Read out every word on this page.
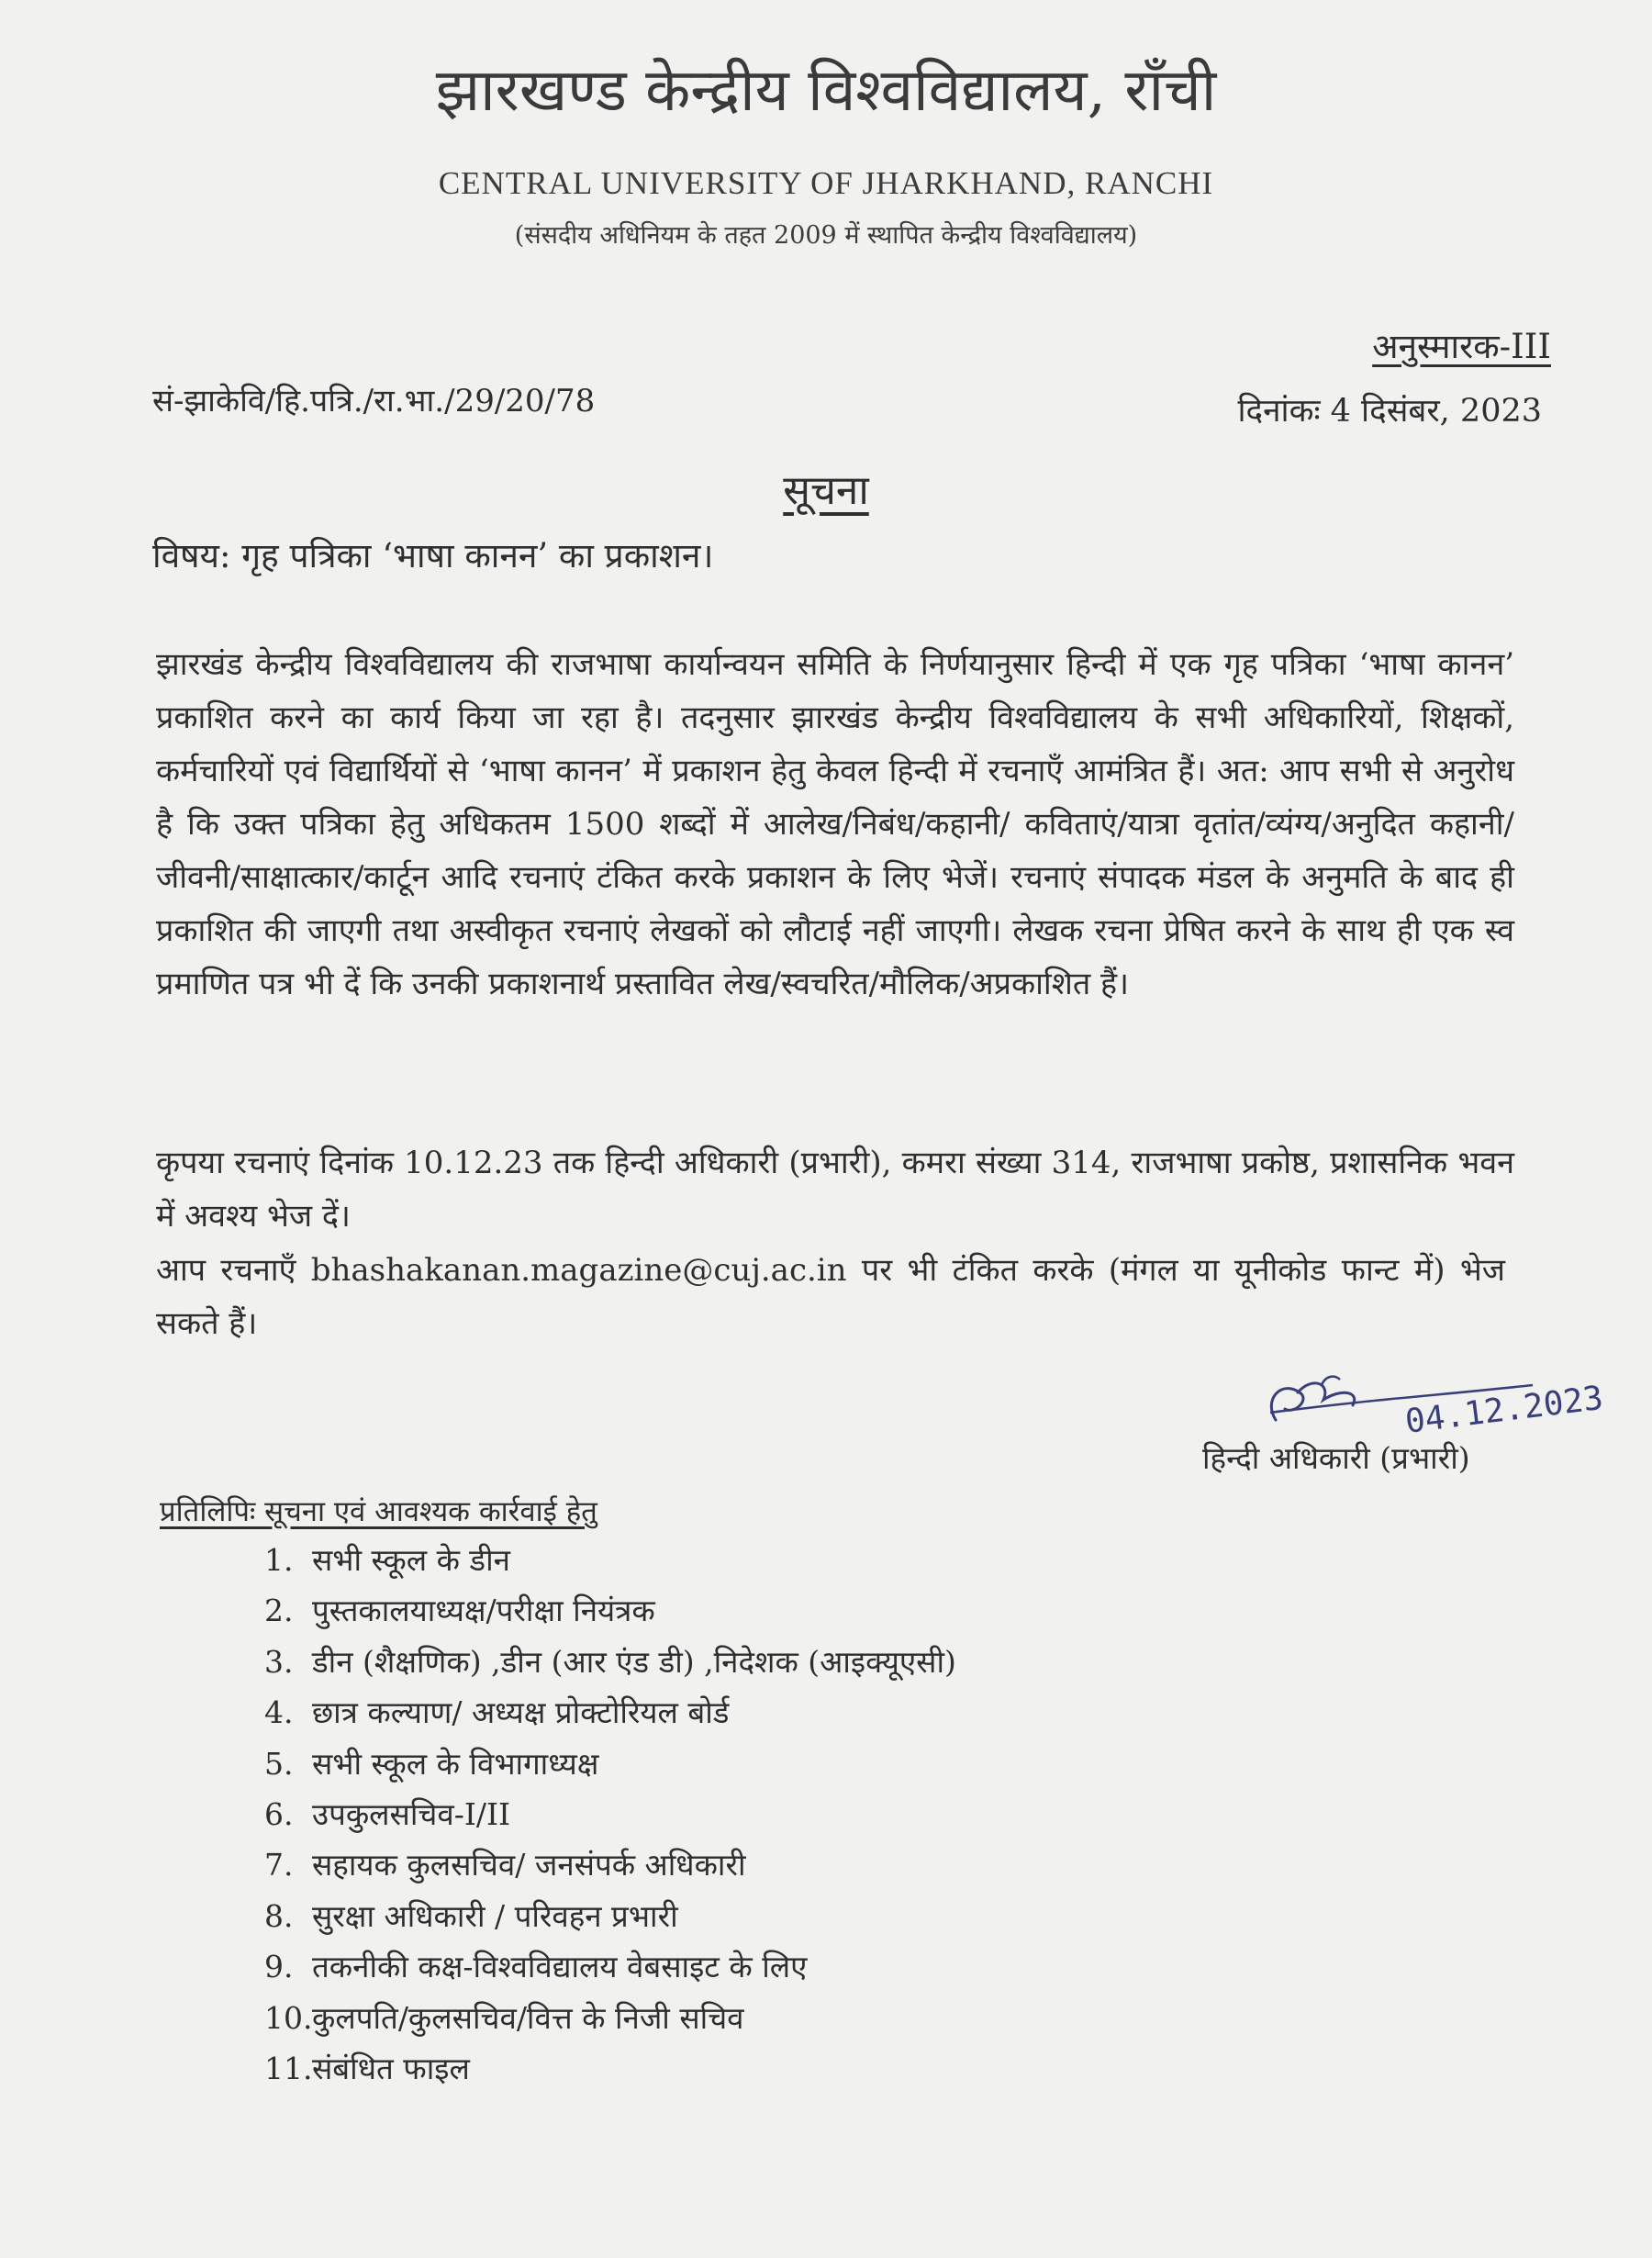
झारखण्ड केन्द्रीय विश्वविद्यालय, राँची
CENTRAL UNIVERSITY OF JHARKHAND, RANCHI
(संसदीय अधिनियम के तहत 2009 में स्थापित केन्द्रीय विश्वविद्यालय)
अनुस्मारक-III
सं-झाकेवि/हि.पत्रि./रा.भा./29/20/78	दिनांकः 4 दिसंबर, 2023
सूचना
विषय: गृह पत्रिका ‘भाषा कानन’ का प्रकाशन।
झारखंड केन्द्रीय विश्वविद्यालय की राजभाषा कार्यान्वयन समिति के निर्णयानुसार हिन्दी में एक गृह पत्रिका ‘भाषा कानन’ प्रकाशित करने का कार्य किया जा रहा है। तदनुसार झारखंड केन्द्रीय विश्वविद्यालय के सभी अधिकारियों, शिक्षकों, कर्मचारियों एवं विद्यार्थियों से ‘भाषा कानन’ में प्रकाशन हेतु केवल हिन्दी में रचनाएँ आमंत्रित हैं। अत: आप सभी से अनुरोध है कि उक्त पत्रिका हेतु अधिकतम 1500 शब्दों में आलेख/निबंध/कहानी/ कविताएं/यात्रा वृतांत/व्यंग्य/अनुदित कहानी/जीवनी/साक्षात्कार/कार्टून आदि रचनाएं टंकित करके प्रकाशन के लिए भेजें। रचनाएं संपादक मंडल के अनुमति के बाद ही प्रकाशित की जाएगी तथा अस्वीकृत रचनाएं लेखकों को लौटाई नहीं जाएगी। लेखक रचना प्रेषित करने के साथ ही एक स्व प्रमाणित पत्र भी दें कि उनकी प्रकाशनार्थ प्रस्तावित लेख/स्वचरित/मौलिक/अप्रकाशित हैं।
कृपया रचनाएं दिनांक 10.12.23 तक हिन्दी अधिकारी (प्रभारी), कमरा संख्या 314, राजभाषा प्रकोष्ठ, प्रशासनिक भवन में अवश्य भेज दें।
आप रचनाएँ bhashakanan.magazine@cuj.ac.in पर भी टंकित करके (मंगल या यूनीकोड फान्ट में) भेज सकते हैं।
04.12.2023
हिन्दी अधिकारी (प्रभारी)
प्रतिलिपिः सूचना एवं आवश्यक कार्रवाई हेतु
1. सभी स्कूल के डीन
2. पुस्तकालयाध्यक्ष/परीक्षा नियंत्रक
3. डीन (शैक्षणिक) ,डीन (आर एंड डी) ,निदेशक (आइक्यूएसी)
4. छात्र कल्याण/ अध्यक्ष प्रोक्टोरियल बोर्ड
5. सभी स्कूल के विभागाध्यक्ष
6. उपकुलसचिव-I/II
7. सहायक कुलसचिव/ जनसंपर्क अधिकारी
8. सुरक्षा अधिकारी / परिवहन प्रभारी
9. तकनीकी कक्ष-विश्वविद्यालय वेबसाइट के लिए
10.कुलपति/कुलसचिव/वित्त के निजी सचिव
11.संबंधित फाइल
